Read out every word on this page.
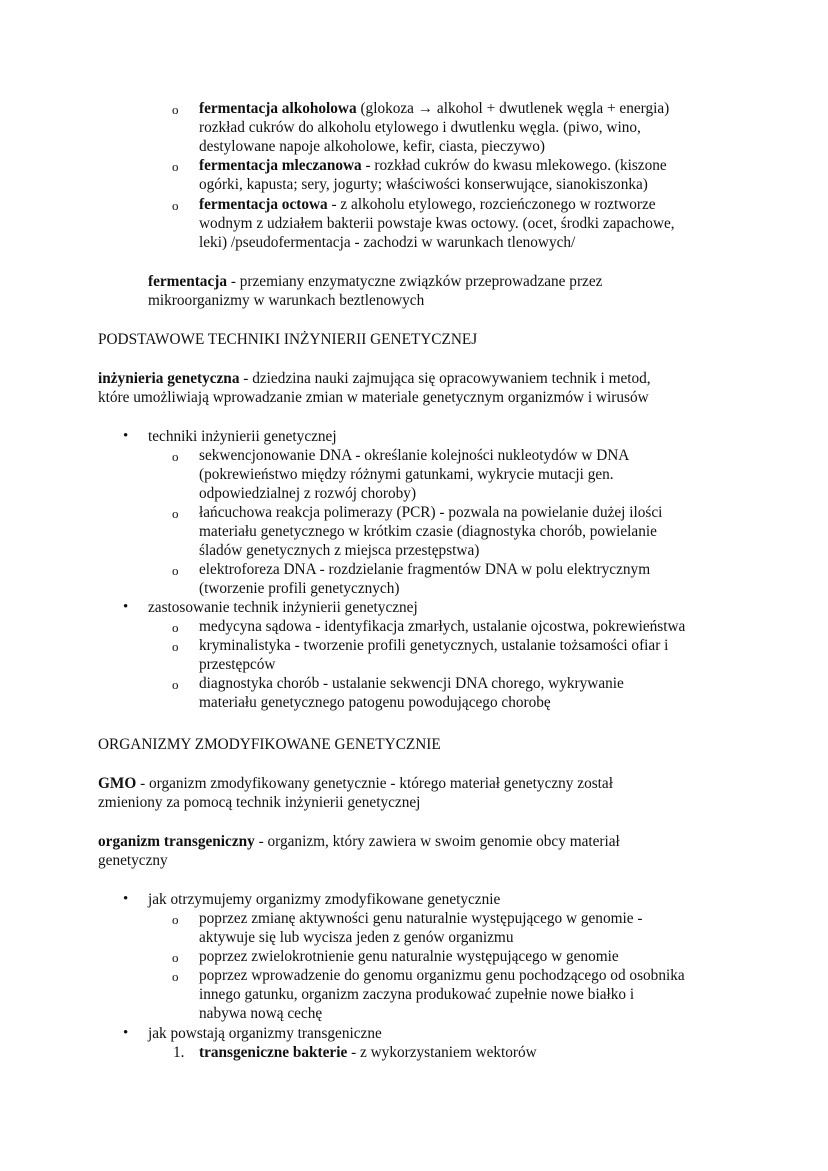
o fermentacja alkoholowa (glokoza → alkohol + dwutlenek węgla + energia)
rozkład cukrów do alkoholu etylowego i dwutlenku węgla. (piwo, wino,
destylowane napoje alkoholowe, kefir, ciasta, pieczywo)
o fermentacja mlеczanowa - rozkład cukrów do kwasu mlekowego. (kiszone
ogórki, kapusta; sery, jogurty; właściwości konserwujące, sianokiszonka)
o fermentacja octowa - z alkoholu etylowego, rozcieńczonego w roztworze
wodnym z udziałem bakterii powstaje kwas octowy. (ocet, środki zapachowe,
leki) /pseudofermentacja - zachodzi w warunkach tlenowych/
fermentacja - przemiany enzymatyczne związków przeprowadzane przez
mikroorganizmy w warunkach beztlenowych
PODSTAWOWE TECHNIKI INŻYNIERII GENETYCZNEJ
inżynieria genetyczna - dziedzina nauki zajmująca się opracowywaniem technik i metod,
które umożliwiają wprowadzanie zmian w materiale genetycznym organizmów i wirusów
• techniki inżynierii genetycznej
o sekwencjonowanie DNA - określanie kolejności nukleotydów w DNA
(pokrewieństwo między różnymi gatunkami, wykrycie mutacji gen.
odpowiedzialnej z rozwój choroby)
o łańcuchowa reakcja polimerazy (PCR) - pozwala na powielanie dużej ilości
materiału genetycznego w krótkim czasie (diagnostyka chorób, powielanie
śladów genetycznych z miejsca przestępstwa)
o elektroforeza DNA - rozdzielanie fragmentów DNA w polu elektrycznym
(tworzenie profili genetycznych)
• zastosowanie technik inżynierii genetycznej
o medycyna sądowa - identyfikacja zmarłych, ustalanie ojcostwa, pokrewieństwa
o kryminalistyka - tworzenie profili genetycznych, ustalanie tożsamości ofiar i
przestępców
o diagnostyka chorób - ustalanie sekwencji DNA chorego, wykrywanie
materiału genetycznego patogenu powodującego chorobę
ORGANIZMY ZMODYFIKOWANE GENETYCZNIE
GMO - organizm zmodyfikowany genetycznie - którego materiał genetyczny został
zmieniony za pomocą technik inżynierii genetycznej
organizm transgeniczny - organizm, który zawiera w swoim genomie obcy materiał
genetyczny
• jak otrzymujemy organizmy zmodyfikowane genetycznie
o poprzez zmianę aktywności genu naturalnie występującego w genomie -
aktywuje się lub wycisza jeden z genów organizmu
o poprzez zwielokrotnienie genu naturalnie występującego w genomie
o poprzez wprowadzenie do genomu organizmu genu pochodzącego od osobnika
innego gatunku, organizm zaczyna produkować zupełnie nowe białko i
nabywa nową cechę
• jak powstają organizmy transgeniczne
1. transgeniczne bakterie - z wykorzystaniem wektorów
